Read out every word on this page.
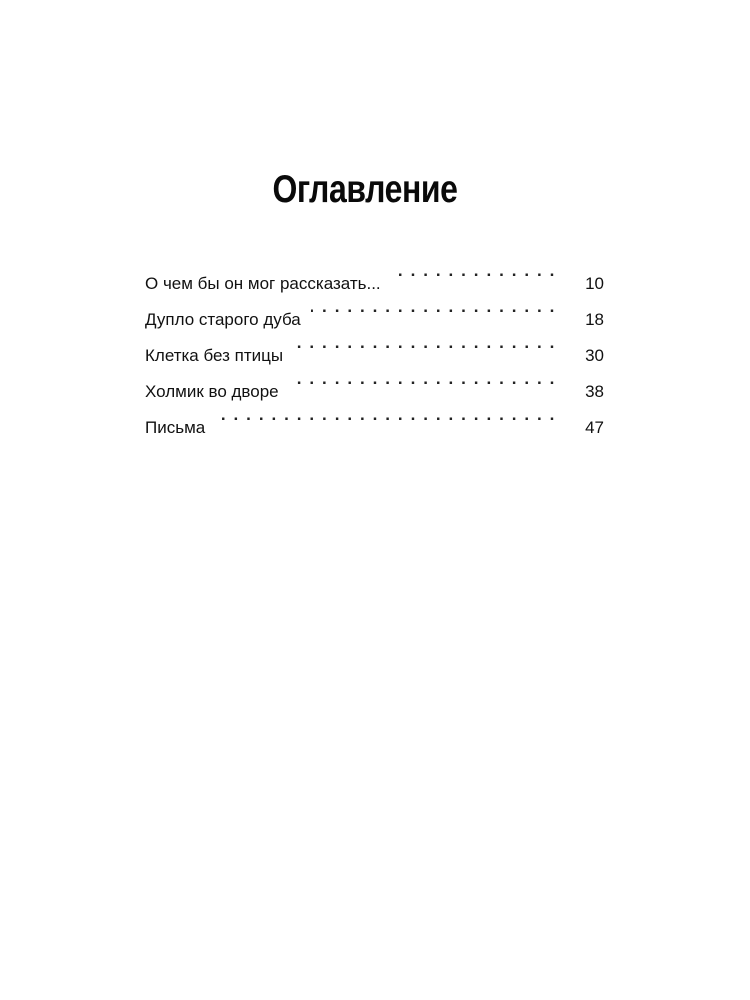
Оглавление
О чем бы он мог рассказать... . . .	10
Дупло старого дуба . . .	18
Клетка без птицы . . .	30
Холмик во дворе . . .	38
Письма . . .	47
